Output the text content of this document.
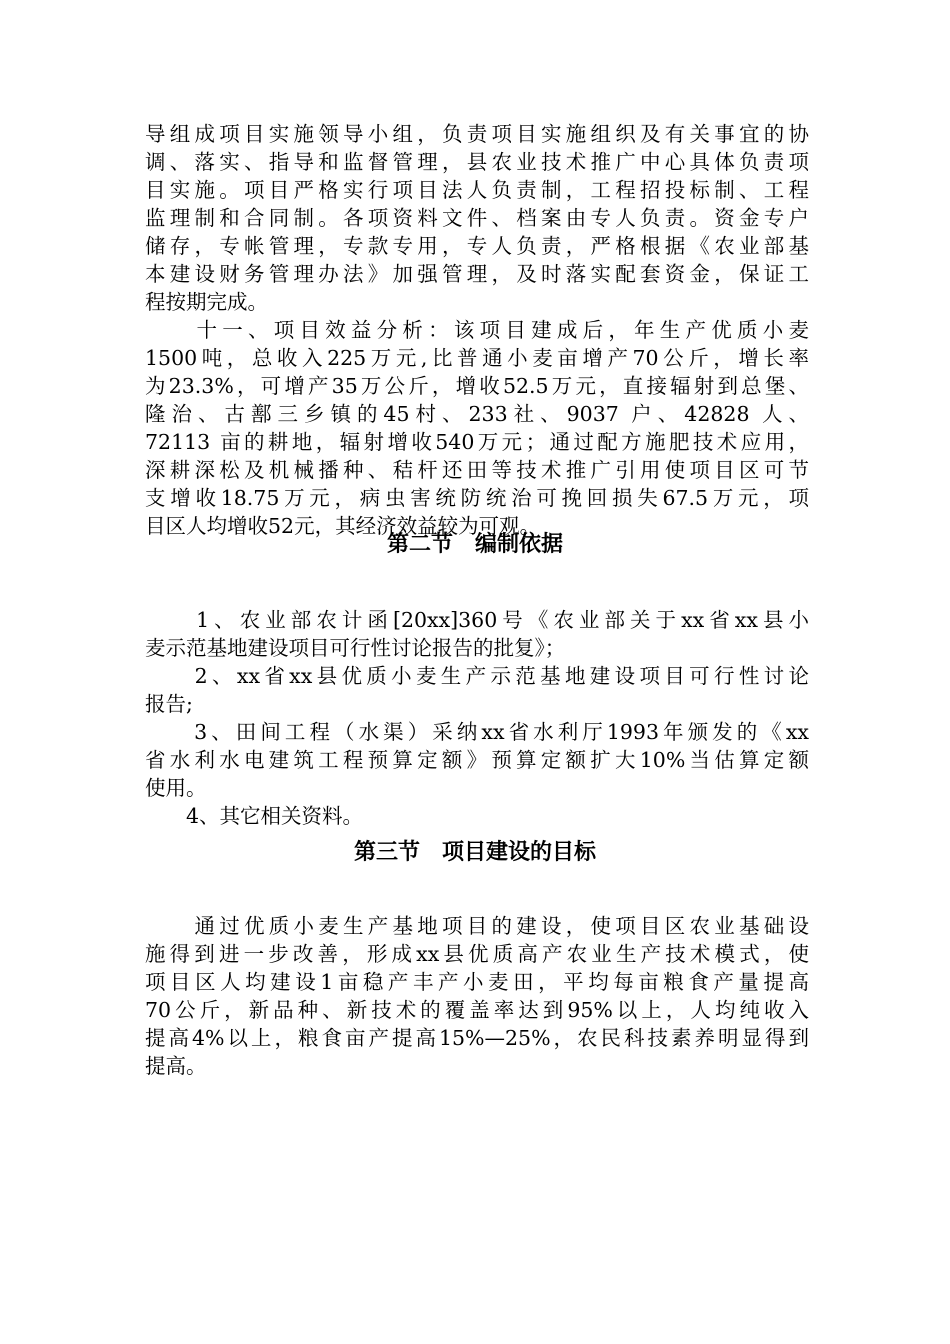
导组成项目实施领导小组，负责项目实施组织及有关事宜的协
调、落实、指导和监督管理，县农业技术推广中心具体负责项
目实施。项目严格实行项目法人负责制，工程招投标制、工程
监理制和合同制。各项资料文件、档案由专人负责。资金专户
储存，专帐管理，专款专用，专人负责，严格根据《农业部基
本建设财务管理办法》加强管理，及时落实配套资金，保证工
程按期完成。
　　十一、项目效益分析：该项目建成后，年生产优质小麦
1500吨，总收入225万元,比普通小麦亩增产70公斤，增长率
为23.3%，可增产35万公斤，增收52.5万元，直接辐射到总堡、
隆治、古鄯三乡镇的45村、233社、9037 户、42828 人、
72113 亩的耕地，辐射增收540万元；通过配方施肥技术应用，
深耕深松及机械播种、秸杆还田等技术推广引用使项目区可节
支增收18.75万元，病虫害统防统治可挽回损失67.5万元，项
目区人均增收52元，其经济效益较为可观。
第二节　编制依据
　　1、农业部农计函[20xx]360号《农业部关于xx省xx县小
麦示范基地建设项目可行性讨论报告的批复》；
　　2、xx省xx县优质小麦生产示范基地建设项目可行性讨论
报告;
　　3、田间工程（水渠）采纳xx省水利厅1993年颁发的《xx
省水利水电建筑工程预算定额》预算定额扩大10%当估算定额
使用。
　　4、其它相关资料。
第三节　项目建设的目标
　　通过优质小麦生产基地项目的建设，使项目区农业基础设
施得到进一步改善，形成xx县优质高产农业生产技术模式，使
项目区人均建设1亩稳产丰产小麦田，平均每亩粮食产量提高
70公斤，新品种、新技术的覆盖率达到95%以上，人均纯收入
提高4%以上，粮食亩产提高15%—25%，农民科技素养明显得到
提高。
